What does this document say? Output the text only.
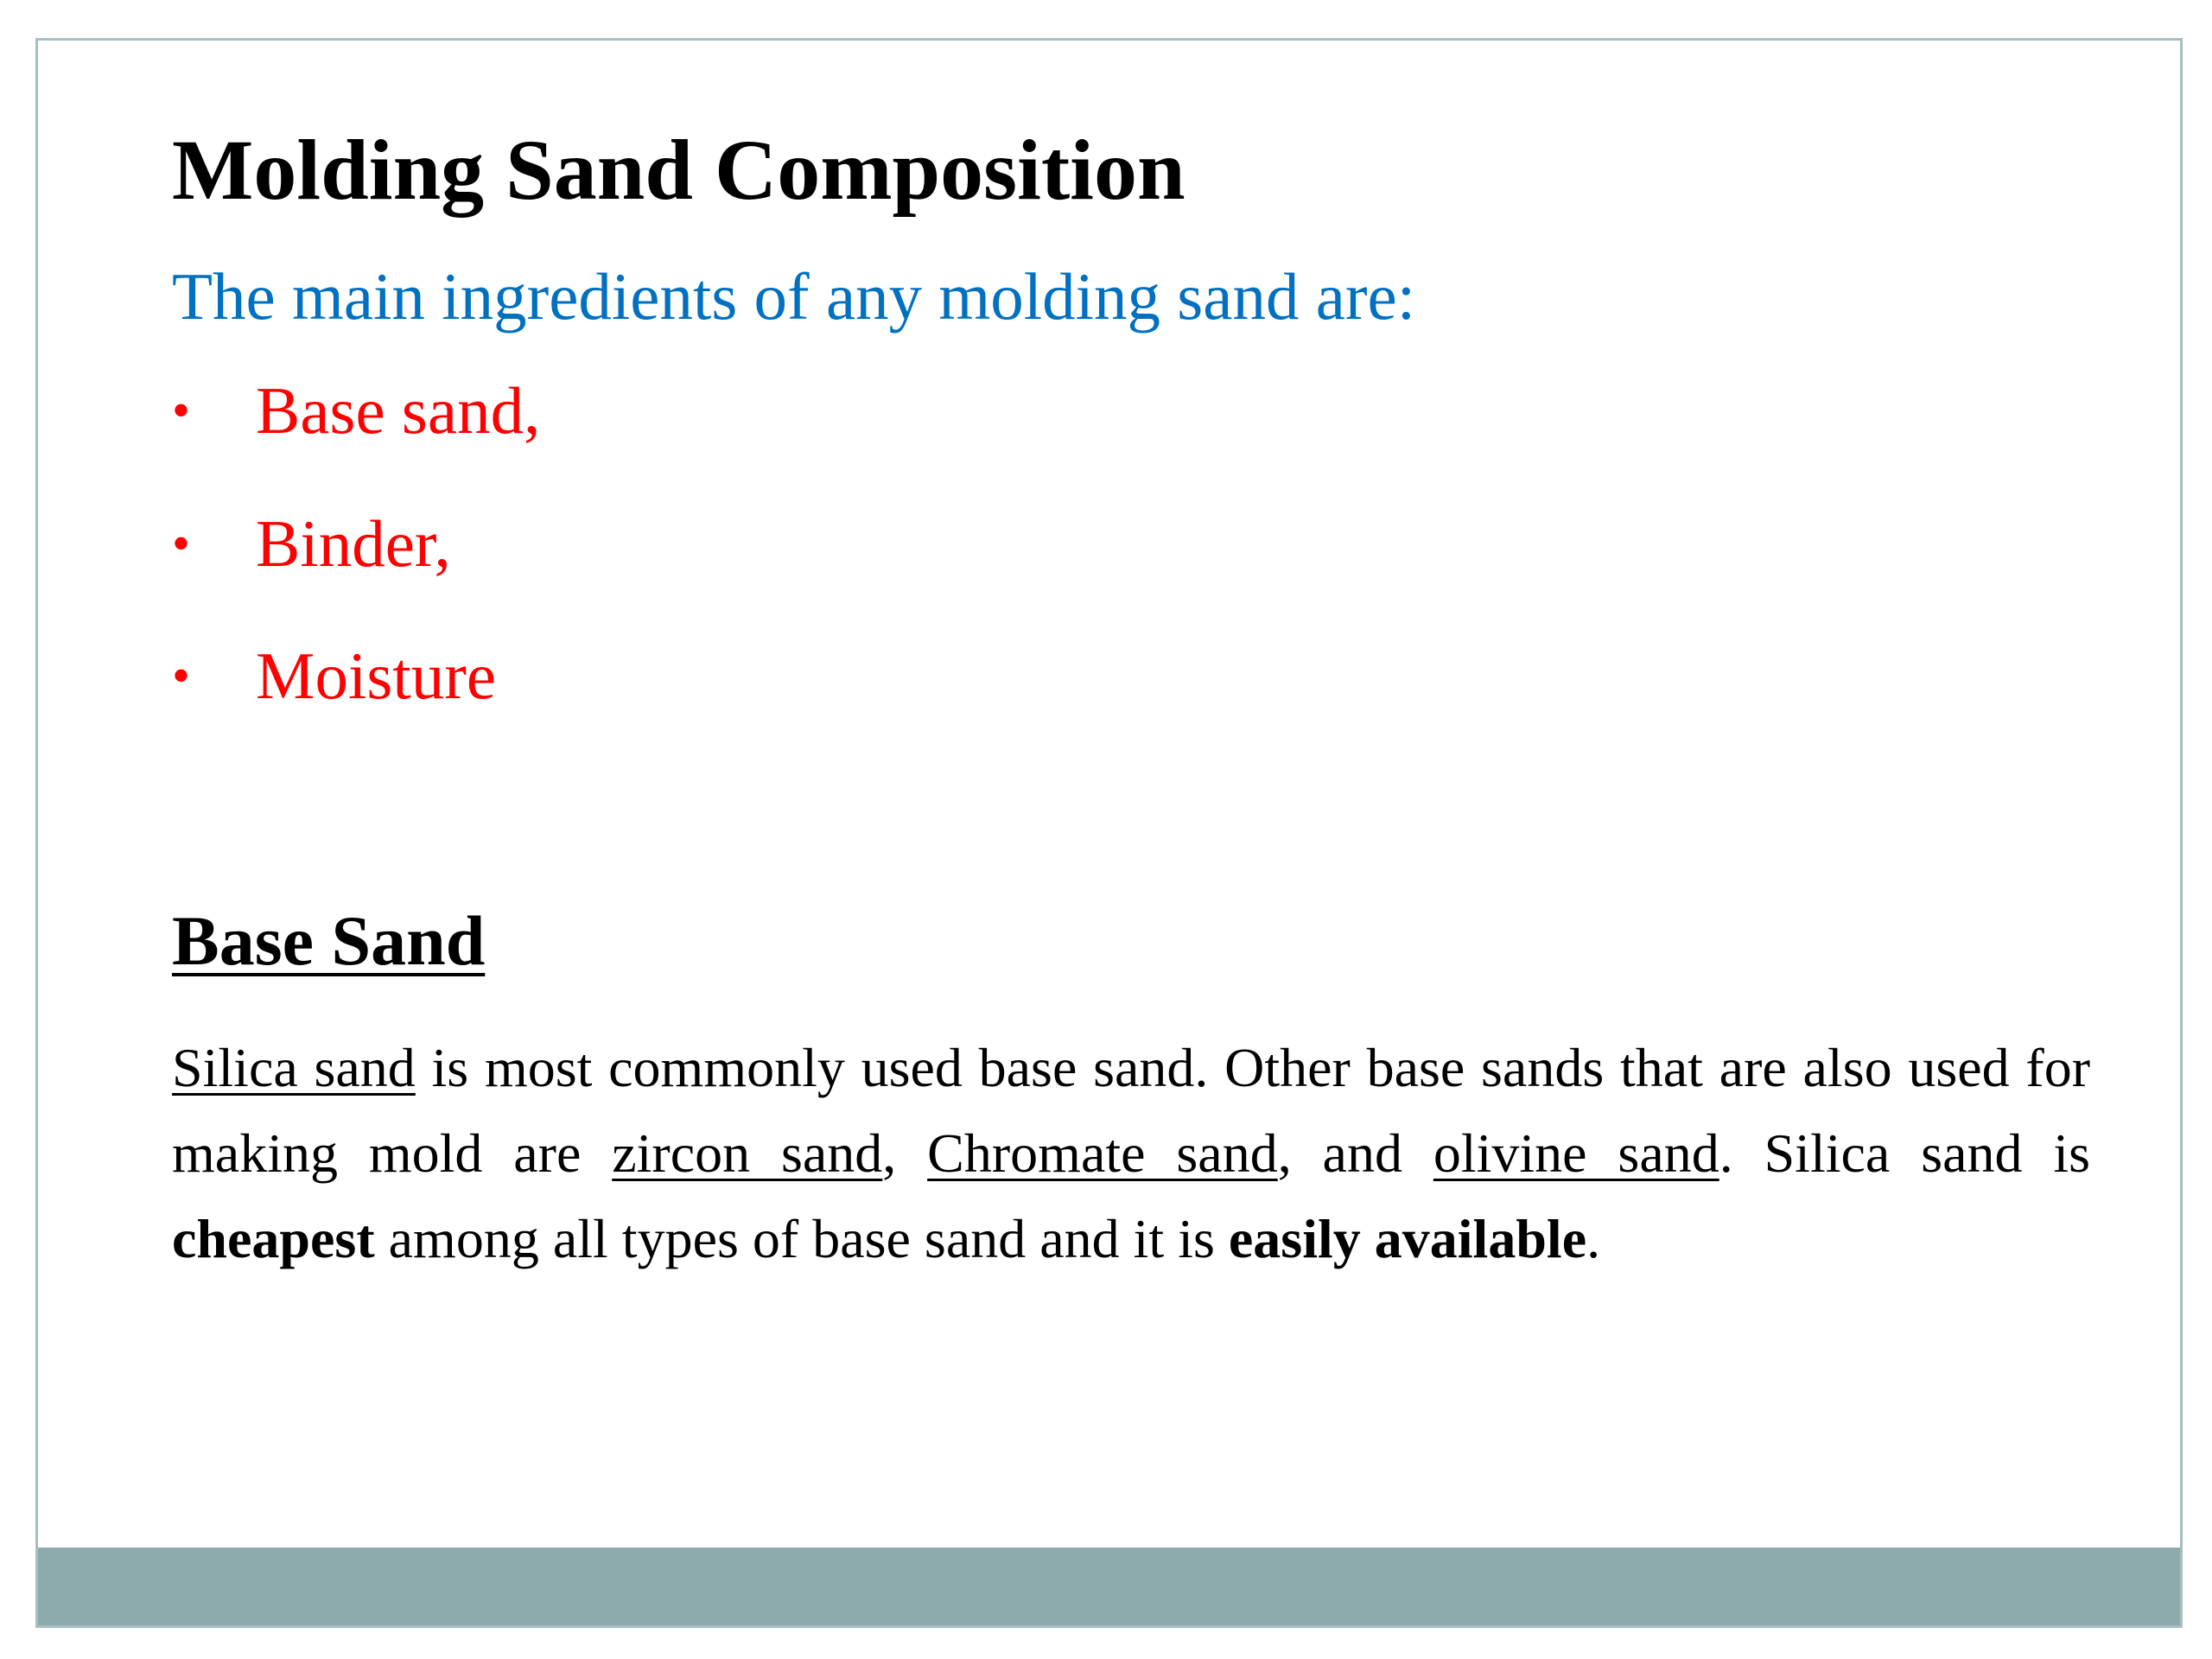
Molding Sand Composition

The main ingredients of any molding sand are:

• Base sand,
• Binder,
• Moisture
Base Sand

Silica sand is most commonly used base sand. Other base sands that are also used for making mold are zircon sand, Chromate sand, and olivine sand. Silica sand is cheapest among all types of base sand and it is easily available.
